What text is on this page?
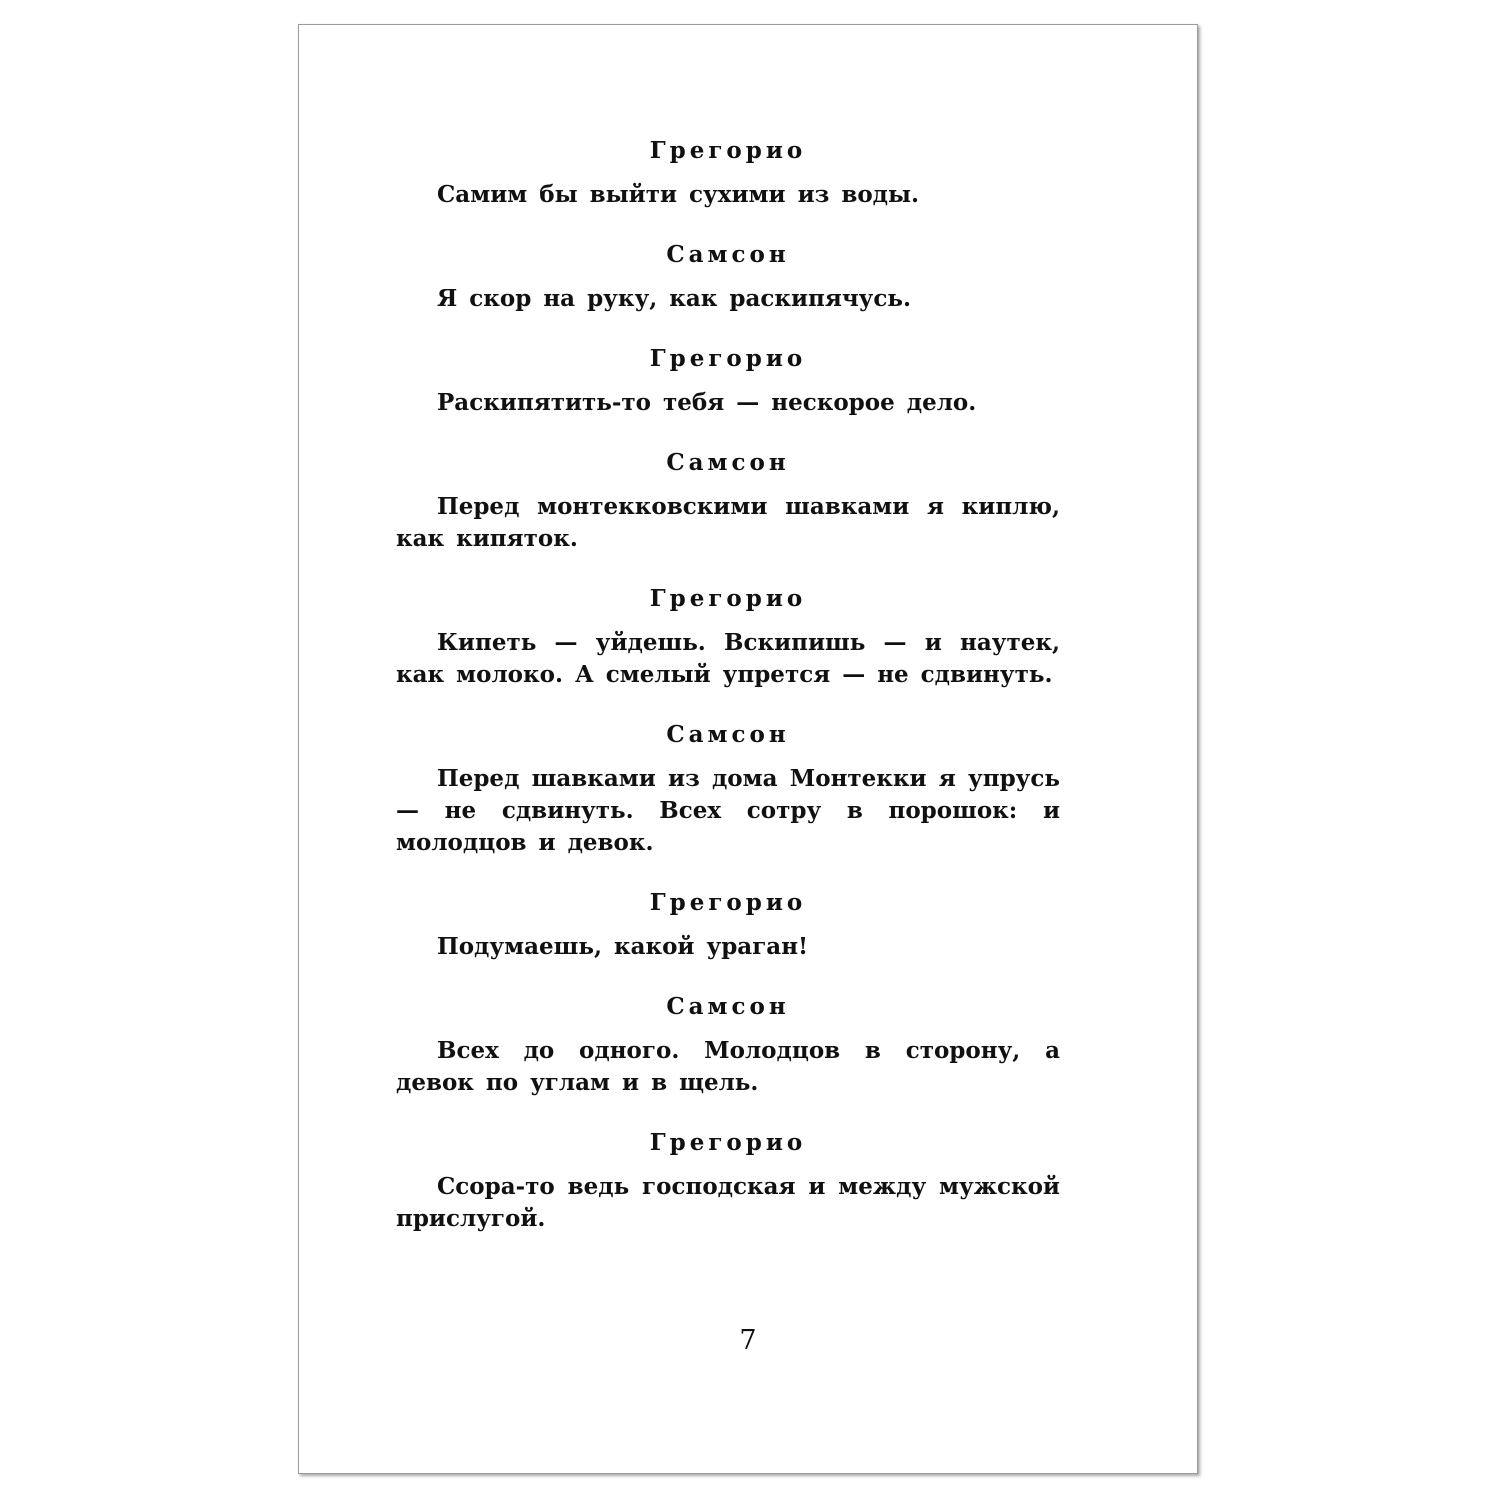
Грегорио

Самим бы выйти сухими из воды.

Самсон

Я скор на руку, как раскипячусь.

Грегорио

Раскипятить-то тебя — нескорое дело.

Самсон

Перед монтекковскими шавками я киплю, как кипяток.

Грегорио

Кипеть — уйдешь. Вскипишь — и наутек, как молоко. А смелый упрется — не сдвинуть.

Самсон

Перед шавками из дома Монтекки я упрусь — не сдвинуть. Всех сотру в порошок: и молодцов и девок.

Грегорио

Подумаешь, какой ураган!

Самсон

Всех до одного. Молодцов в сторону, а девок по углам и в щель.

Грегорио

Ссора-то ведь господская и между мужской прислугой.

7
